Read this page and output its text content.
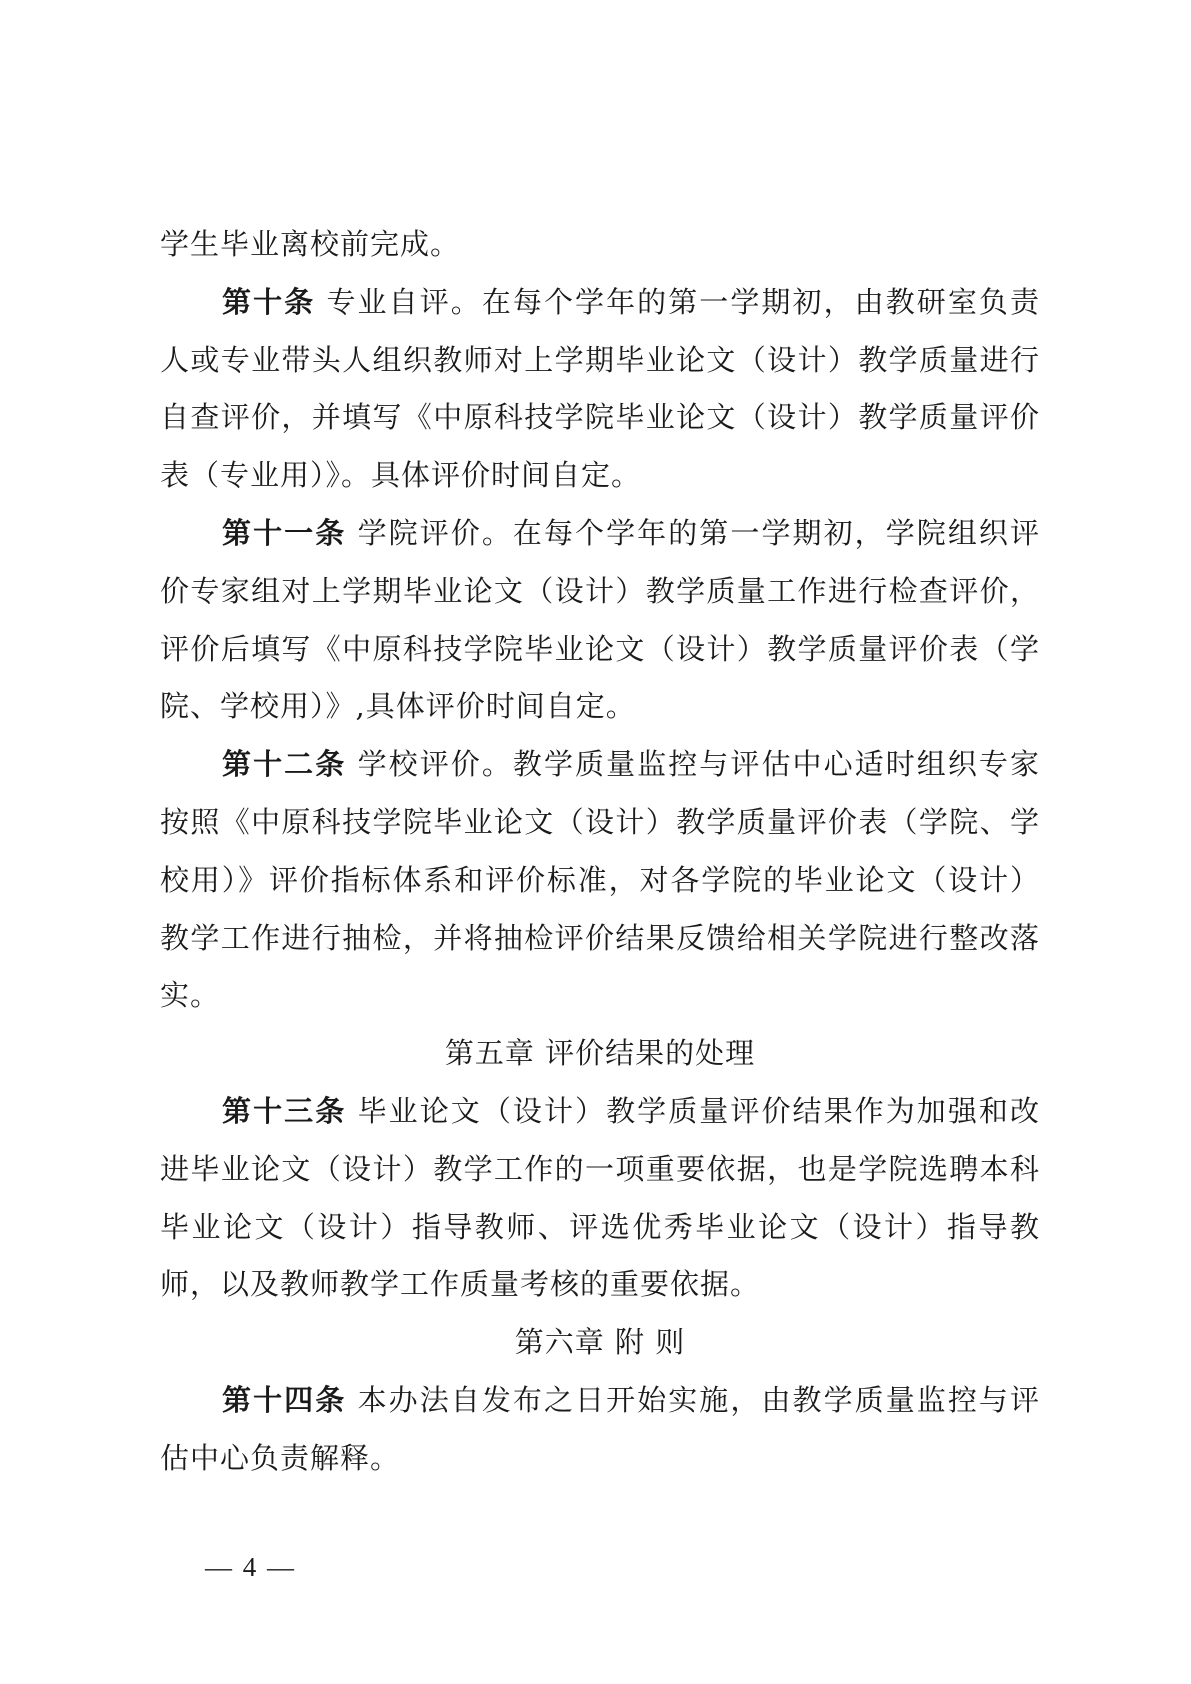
学生毕业离校前完成。

第十条 专业自评。在每个学年的第一学期初，由教研室负责人或专业带头人组织教师对上学期毕业论文（设计）教学质量进行自查评价，并填写《中原科技学院毕业论文（设计）教学质量评价表（专业用）》。具体评价时间自定。

第十一条 学院评价。在每个学年的第一学期初，学院组织评价专家组对上学期毕业论文（设计）教学质量工作进行检查评价，评价后填写《中原科技学院毕业论文（设计）教学质量评价表（学院、学校用）》,具体评价时间自定。

第十二条 学校评价。教学质量监控与评估中心适时组织专家按照《中原科技学院毕业论文（设计）教学质量评价表（学院、学校用）》评价指标体系和评价标准，对各学院的毕业论文（设计）教学工作进行抽检，并将抽检评价结果反馈给相关学院进行整改落实。

第五章 评价结果的处理

第十三条 毕业论文（设计）教学质量评价结果作为加强和改进毕业论文（设计）教学工作的一项重要依据，也是学院选聘本科毕业论文（设计）指导教师、评选优秀毕业论文（设计）指导教师，以及教师教学工作质量考核的重要依据。

第六章 附 则

第十四条 本办法自发布之日开始实施，由教学质量监控与评估中心负责解释。

— 4 —
